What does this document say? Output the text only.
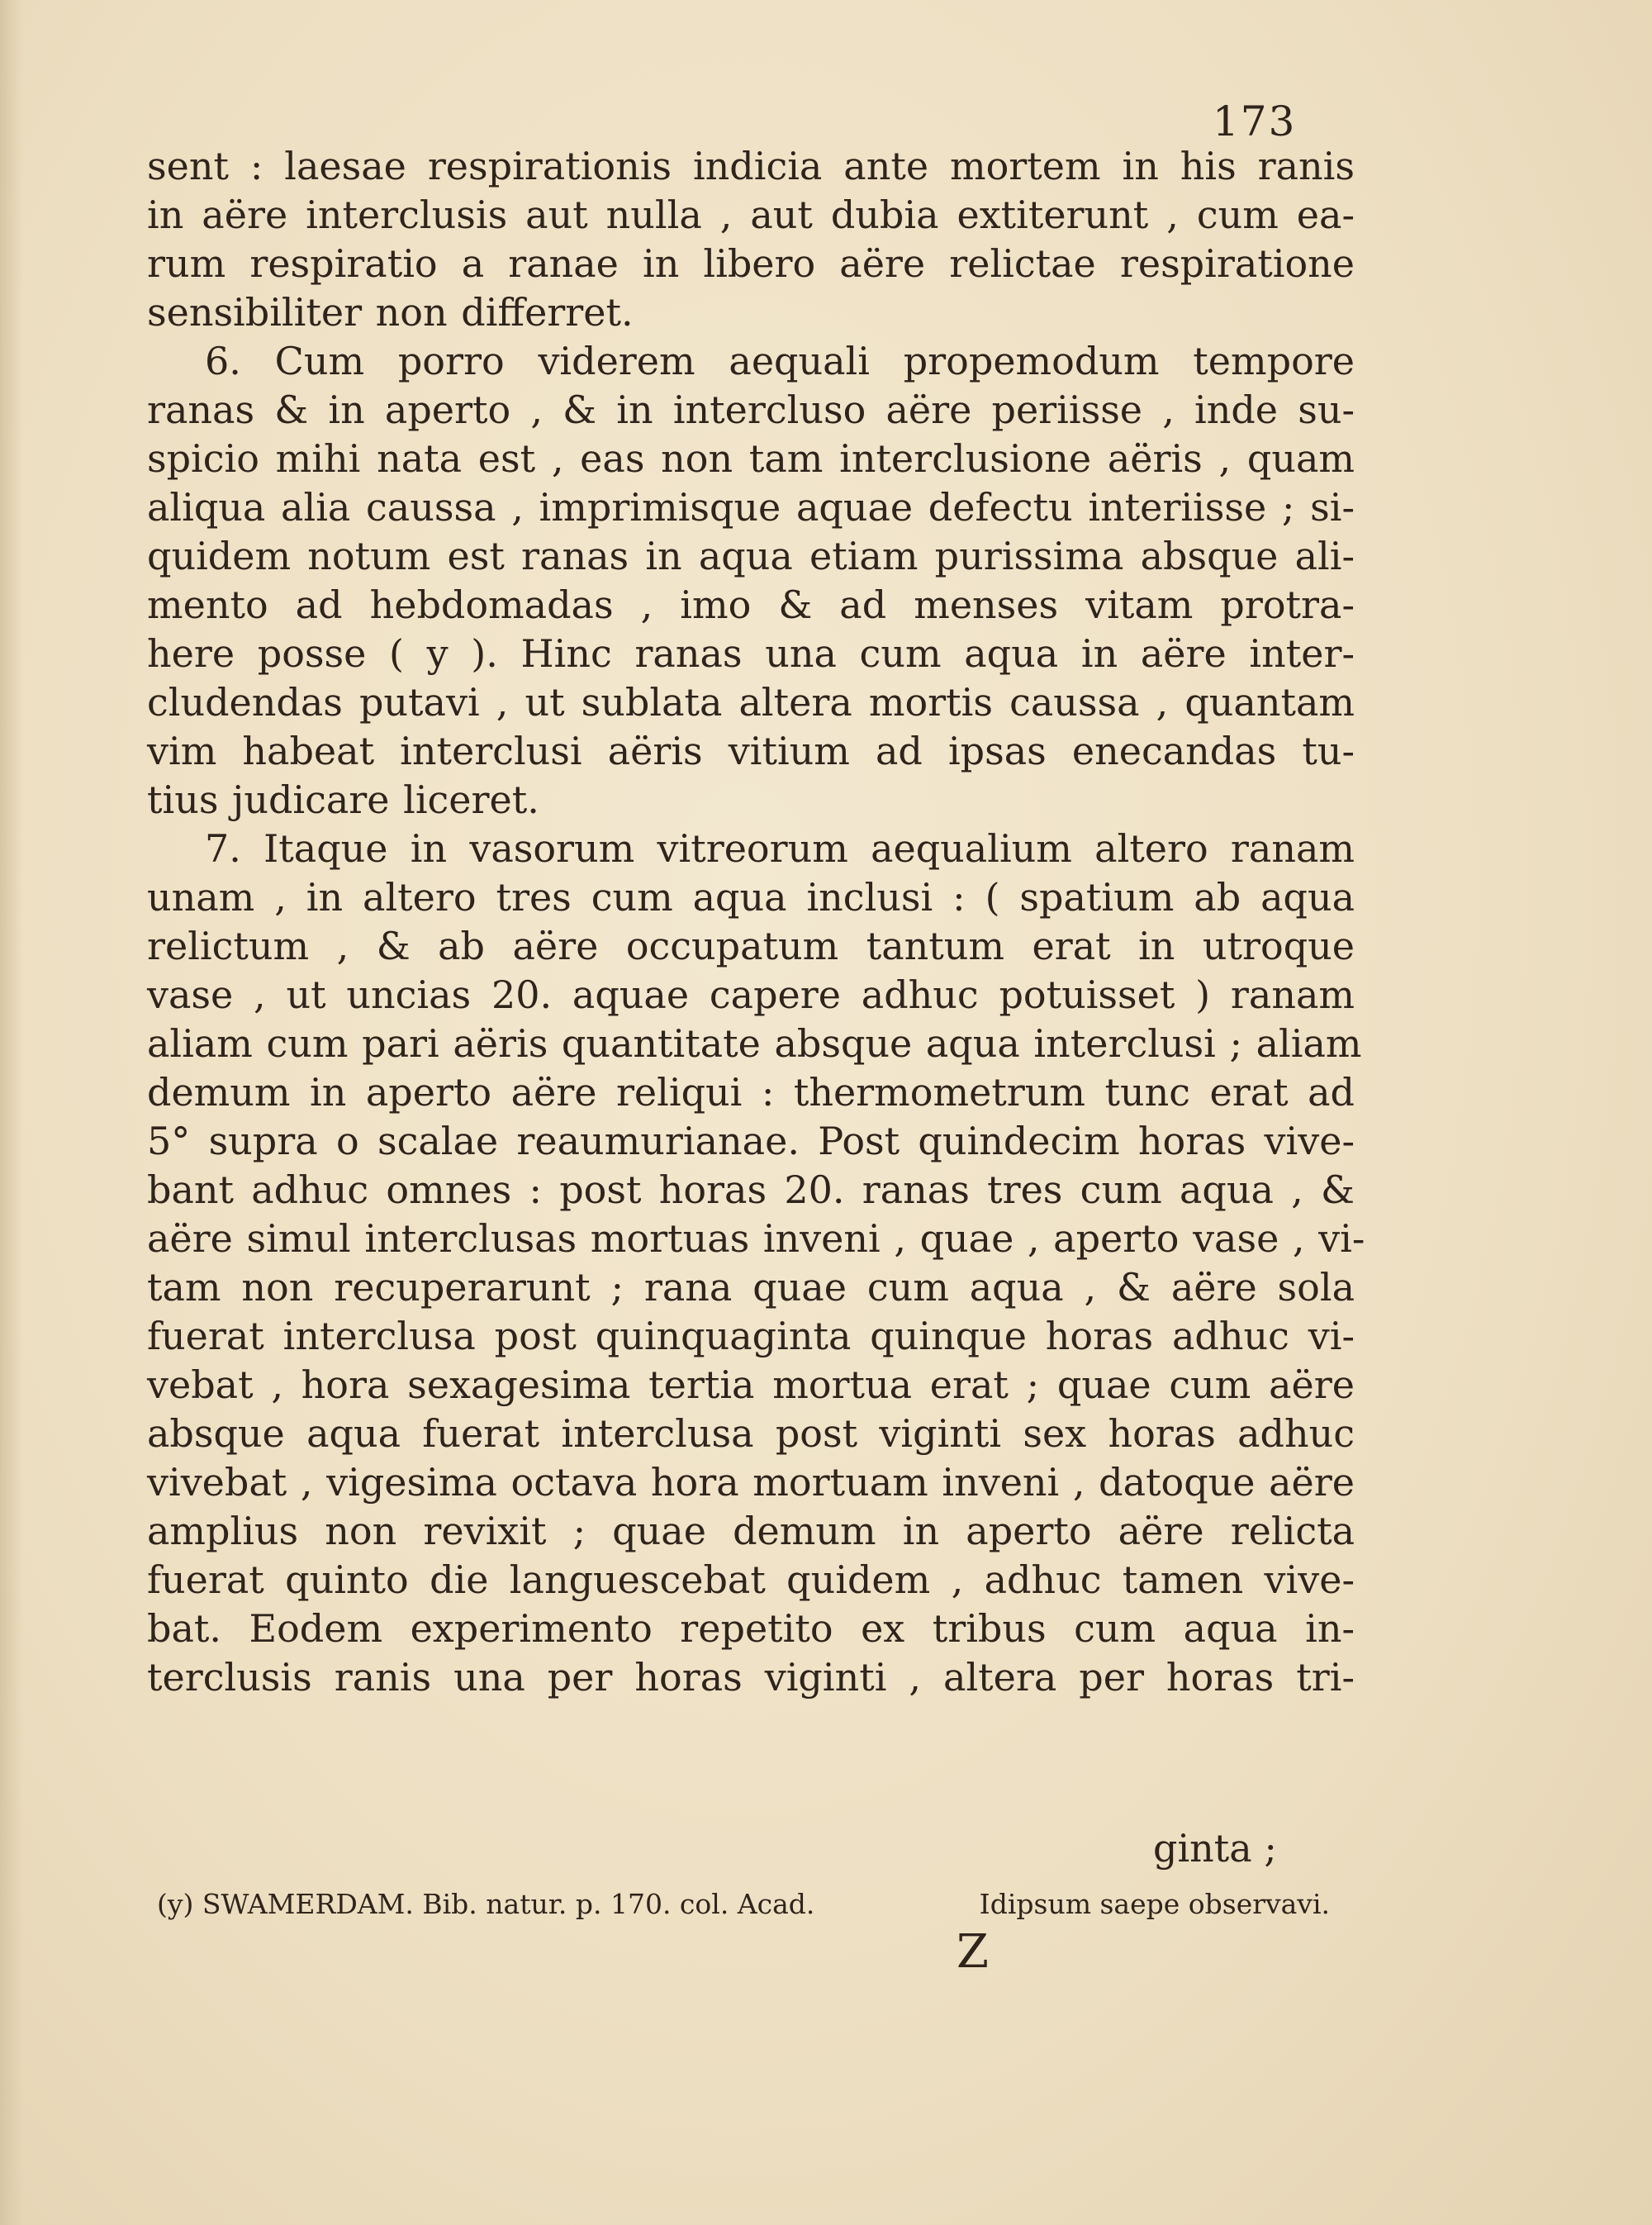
173
sent : laesae respirationis indicia ante mortem in his ranis
in aëre interclusis aut nulla , aut dubia extiterunt , cum ea-
rum respiratio a ranae in libero aëre relictae respiratione
sensibiliter non differret.
6. Cum porro viderem aequali propemodum tempore
ranas & in aperto , & in intercluso aëre periisse , inde su-
spicio mihi nata est , eas non tam interclusione aëris , quam
aliqua alia caussa , imprimisque aquae defectu interiisse ; si-
quidem notum est ranas in aqua etiam purissima absque ali-
mento ad hebdomadas , imo & ad menses vitam protra-
here posse ( y ). Hinc ranas una cum aqua in aëre inter-
cludendas putavi , ut sublata altera mortis caussa , quantam
vim habeat interclusi aëris vitium ad ipsas enecandas tu-
tius judicare liceret.
7. Itaque in vasorum vitreorum aequalium altero ranam
unam , in altero tres cum aqua inclusi : ( spatium ab aqua
relictum , & ab aëre occupatum tantum erat in utroque
vase , ut uncias 20. aquae capere adhuc potuisset ) ranam
aliam cum pari aëris quantitate absque aqua interclusi ; aliam
demum in aperto aëre reliqui : thermometrum tunc erat ad
5° supra o scalae reaumurianae. Post quindecim horas vive-
bant adhuc omnes : post horas 20. ranas tres cum aqua , &
aëre simul interclusas mortuas inveni , quae , aperto vase , vi-
tam non recuperarunt ; rana quae cum aqua , & aëre sola
fuerat interclusa post quinquaginta quinque horas adhuc vi-
vebat , hora sexagesima tertia mortua erat ; quae cum aëre
absque aqua fuerat interclusa post viginti sex horas adhuc
vivebat , vigesima octava hora mortuam inveni , datoque aëre
amplius non revixit ; quae demum in aperto aëre relicta
fuerat quinto die languescebat quidem , adhuc tamen vive-
bat. Eodem experimento repetito ex tribus cum aqua in-
terclusis ranis una per horas viginti , altera per horas tri-
ginta ;
(y) SWAMERDAM. Bib. natur. p. 170. col. Acad.	Idipsum saepe observavi.
Z
